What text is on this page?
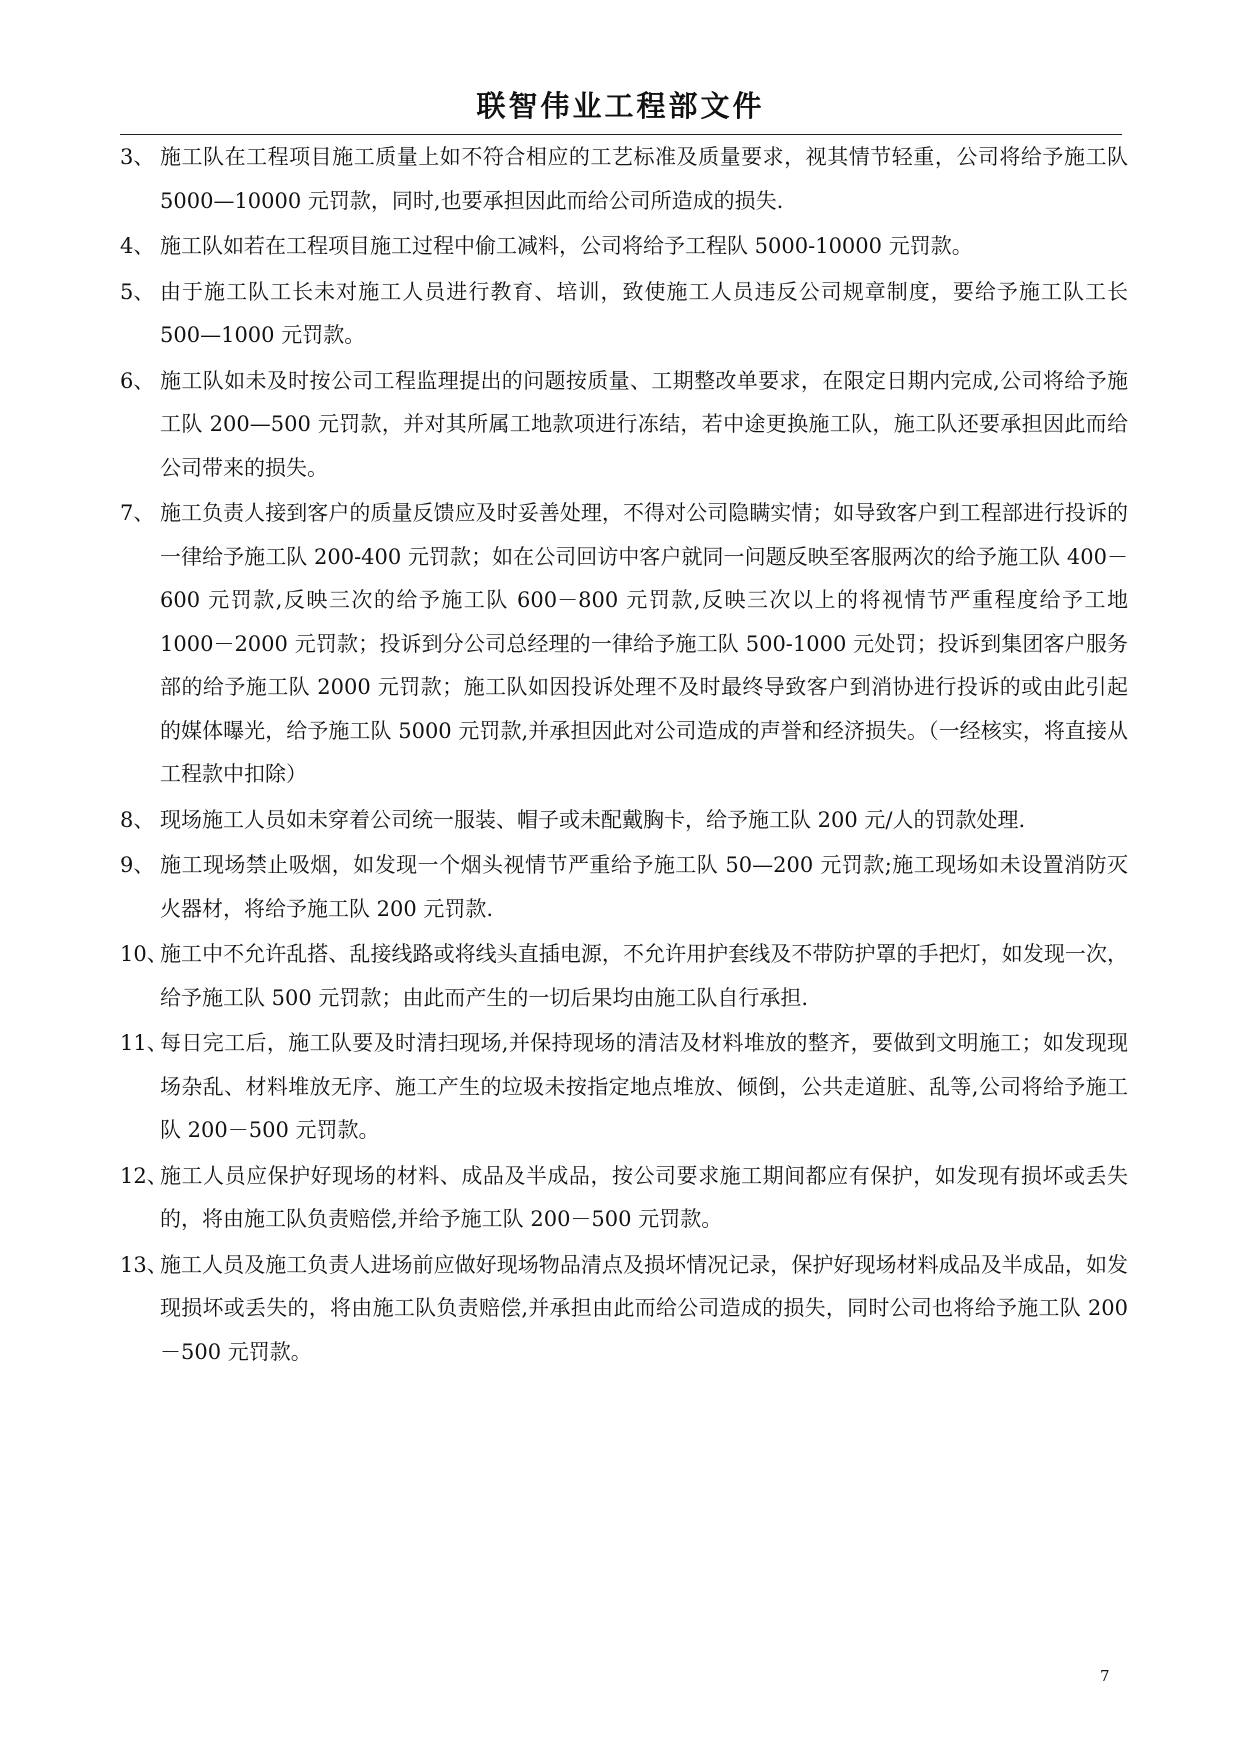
联智伟业工程部文件
3、 施工队在工程项目施工质量上如不符合相应的工艺标准及质量要求，视其情节轻重，公司将给予施工队 5000—10000 元罚款，同时,也要承担因此而给公司所造成的损失.
4、 施工队如若在工程项目施工过程中偷工减料，公司将给予工程队 5000-10000 元罚款。
5、 由于施工队工长未对施工人员进行教育、培训，致使施工人员违反公司规章制度，要给予施工队工长 500—1000 元罚款。
6、 施工队如未及时按公司工程监理提出的问题按质量、工期整改单要求，在限定日期内完成,公司将给予施工队 200—500 元罚款，并对其所属工地款项进行冻结，若中途更换施工队，施工队还要承担因此而给公司带来的损失。
7、 施工负责人接到客户的质量反馈应及时妥善处理，不得对公司隐瞒实情；如导致客户到工程部进行投诉的一律给予施工队 200-400 元罚款；如在公司回访中客户就同一问题反映至客服两次的给予施工队 400－600 元罚款,反映三次的给予施工队 600－800 元罚款,反映三次以上的将视情节严重程度给予工地 1000－2000 元罚款；投诉到分公司总经理的一律给予施工队 500-1000 元处罚；投诉到集团客户服务部的给予施工队 2000 元罚款；施工队如因投诉处理不及时最终导致客户到消协进行投诉的或由此引起的媒体曝光，给予施工队 5000 元罚款,并承担因此对公司造成的声誉和经济损失。（一经核实，将直接从工程款中扣除）
8、 现场施工人员如未穿着公司统一服装、帽子或未配戴胸卡，给予施工队 200 元/人的罚款处理.
9、 施工现场禁止吸烟，如发现一个烟头视情节严重给予施工队 50—200 元罚款;施工现场如未设置消防灭火器材，将给予施工队 200 元罚款.
10、
施工中不允许乱搭、乱接线路或将线头直插电源，不允许用护套线及不带防护罩的手把灯，如发现一次，给予施工队 500 元罚款；由此而产生的一切后果均由施工队自行承担.
11、
每日完工后，施工队要及时清扫现场,并保持现场的清洁及材料堆放的整齐，要做到文明施工；如发现现场杂乱、材料堆放无序、施工产生的垃圾未按指定地点堆放、倾倒，公共走道脏、乱等,公司将给予施工队 200－500 元罚款。
12、
施工人员应保护好现场的材料、成品及半成品，按公司要求施工期间都应有保护，如发现有损坏或丢失的，将由施工队负责赔偿,并给予施工队 200－500 元罚款。
13、
施工人员及施工负责人进场前应做好现场物品清点及损坏情况记录，保护好现场材料成品及半成品，如发现损坏或丢失的，将由施工队负责赔偿,并承担由此而给公司造成的损失，同时公司也将给予施工队 200－500 元罚款。
7
